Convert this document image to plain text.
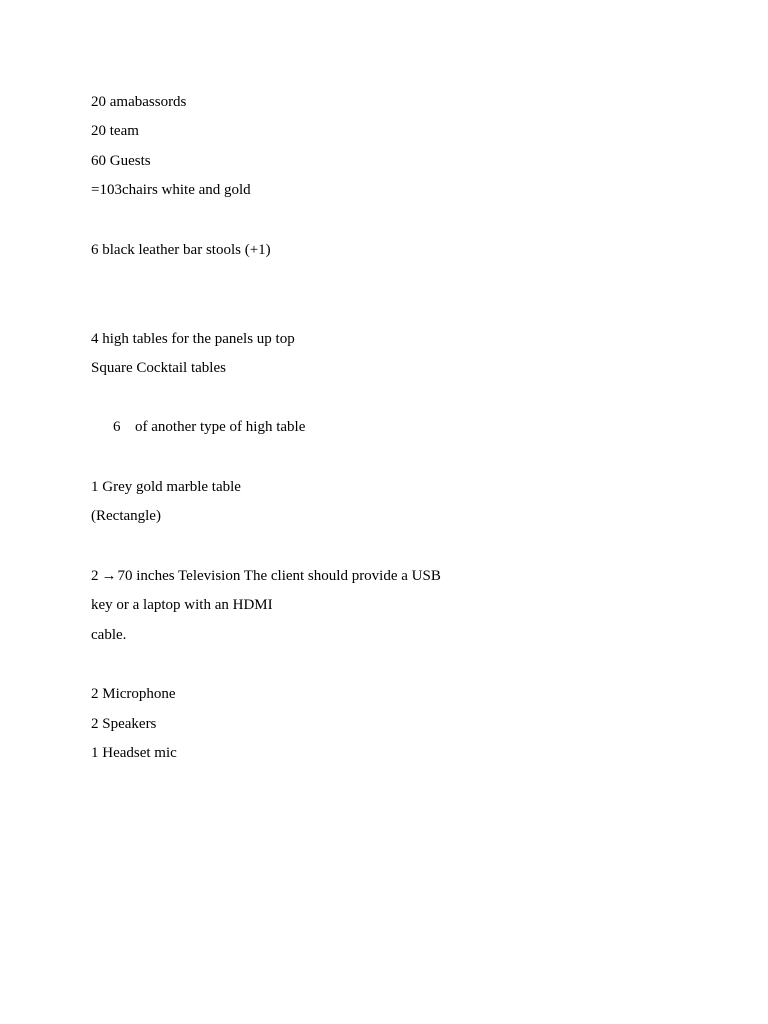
20 amabassords
20 team
60 Guests
=103chairs white and gold
6 black leather bar stools (+1)
4 high tables for the panels up top
Square Cocktail tables
6 of another type of high table
1 Grey gold marble table
(Rectangle)
2 →70 inches Television The client should provide a USB
key or a laptop with an HDMI
cable.
2 Microphone
2 Speakers
1 Headset mic
